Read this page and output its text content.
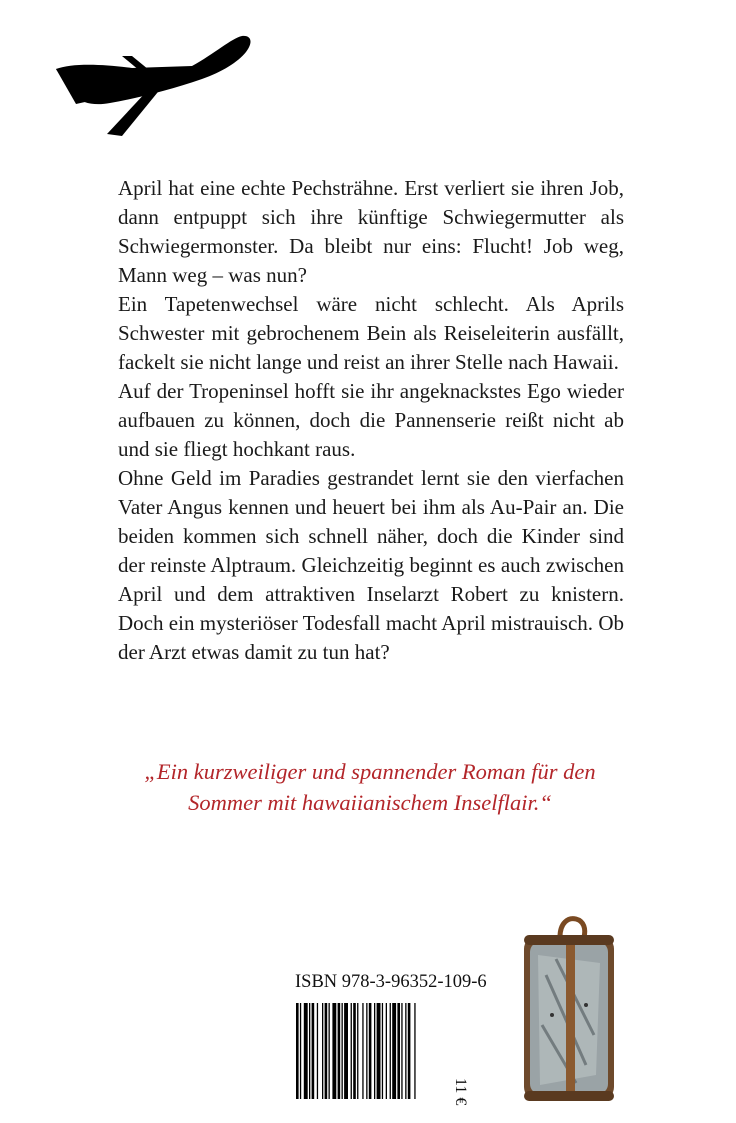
April hat eine echte Pechsträhne. Erst verliert sie ihren Job, dann entpuppt sich ihre künftige Schwiegermutter als Schwiegermonster. Da bleibt nur eins: Flucht! Job weg, Mann weg – was nun?

Ein Tapetenwechsel wäre nicht schlecht. Als Aprils Schwester mit gebrochenem Bein als Reiseleiterin ausfällt, fackelt sie nicht lange und reist an ihrer Stelle nach Hawaii.

Auf der Tropeninsel hofft sie ihr angeknackstes Ego wieder aufbauen zu können, doch die Pannenserie reißt nicht ab und sie fliegt hochkant raus.

Ohne Geld im Paradies gestrandet lernt sie den vierfachen Vater Angus kennen und heuert bei ihm als Au-Pair an. Die beiden kommen sich schnell näher, doch die Kinder sind der reinste Alptraum. Gleichzeitig beginnt es auch zwischen April und dem attraktiven Inselarzt Robert zu knistern. Doch ein mysteriöser Todesfall macht April mistrauisch. Ob der Arzt etwas damit zu tun hat?

„Ein kurzweiliger und spannender Roman für den
Sommer mit hawaiianischem Inselflair.“
ISBN 978-3-96352-109-6
11 €
